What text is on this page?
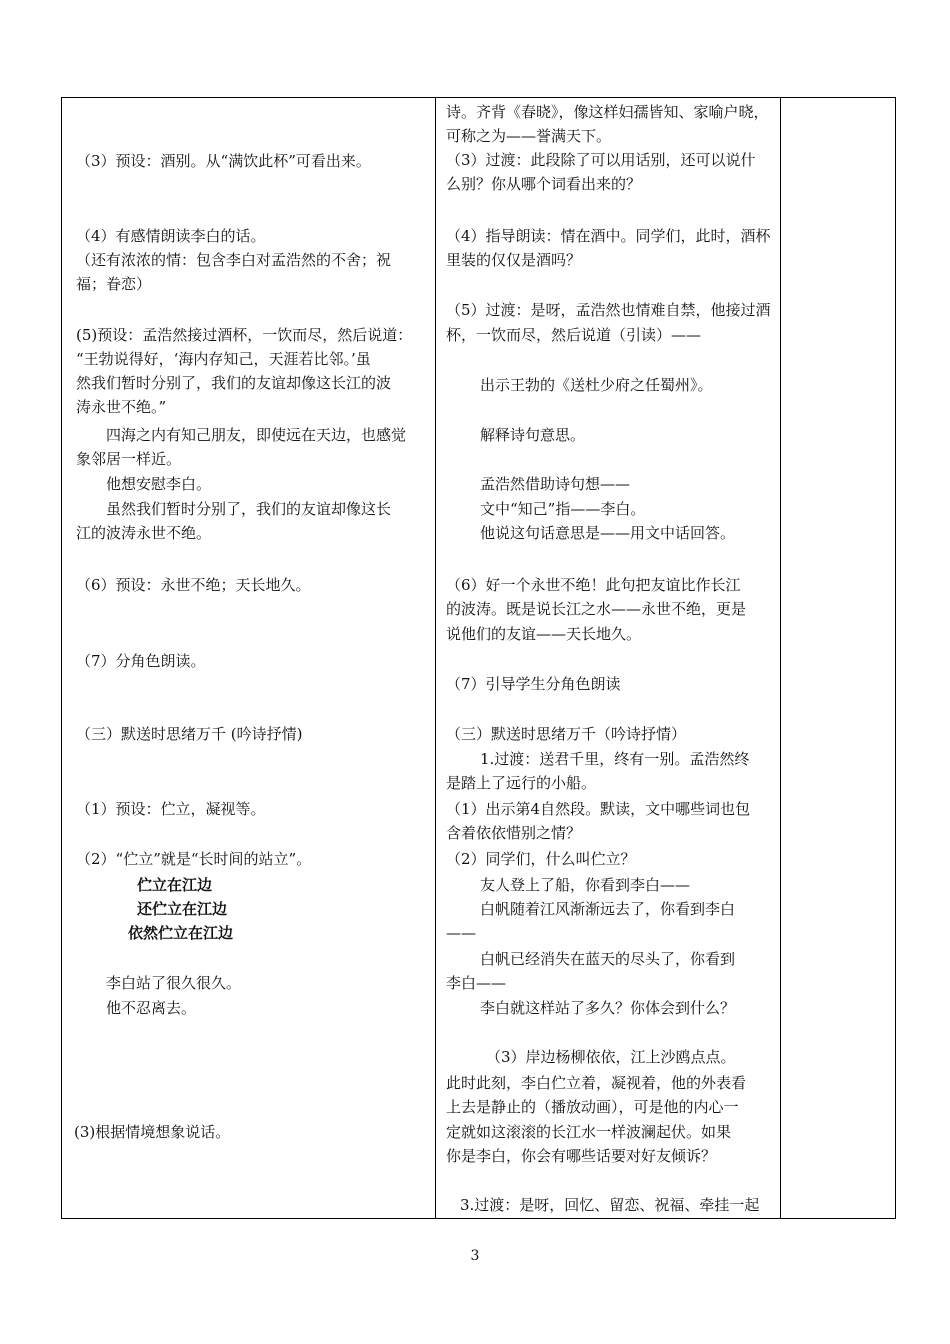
（3）预设：酒别。从“满饮此杯”可看出来。
（4）有感情朗读李白的话。
（还有浓浓的情：包含李白对孟浩然的不舍；祝
福；眷恋）
(5)预设：孟浩然接过酒杯，一饮而尽，然后说道：
“王勃说得好，‘海内存知己，天涯若比邻。’虽
然我们暂时分别了，我们的友谊却像这长江的波
涛永世不绝。”
四海之内有知己朋友，即使远在天边，也感觉
象邻居一样近。
他想安慰李白。
虽然我们暂时分别了，我们的友谊却像这长
江的波涛永世不绝。
（6）预设：永世不绝；天长地久。
（7）分角色朗读。
（三）默送时思绪万千 (吟诗抒情)
（1）预设：伫立，凝视等。
（2）“伫立”就是“长时间的站立”。
伫立在江边
还伫立在江边
依然伫立在江边
李白站了很久很久。
他不忍离去。
(3)根据情境想象说话。
诗。齐背《春晓》，像这样妇孺皆知、家喻户晓，
可称之为——誉满天下。
（3）过渡：此段除了可以用话别，还可以说什
么别？你从哪个词看出来的？
（4）指导朗读：情在酒中。同学们，此时，酒杯
里装的仅仅是酒吗？
（5）过渡：是呀，孟浩然也情难自禁，他接过酒
杯，一饮而尽，然后说道（引读）——
出示王勃的《送杜少府之任蜀州》。
解释诗句意思。
孟浩然借助诗句想——
文中“知己”指——李白。
他说这句话意思是——用文中话回答。
（6）好一个永世不绝！此句把友谊比作长江
的波涛。既是说长江之水——永世不绝，更是
说他们的友谊——天长地久。
（7）引导学生分角色朗读
（三）默送时思绪万千（吟诗抒情）
1.过渡：送君千里，终有一别。孟浩然终
是踏上了远行的小船。
（1）出示第4自然段。默读，文中哪些词也包
含着依依惜别之情？
（2）同学们，什么叫伫立？
友人登上了船，你看到李白——
白帆随着江风渐渐远去了，你看到李白
——
白帆已经消失在蓝天的尽头了，你看到
李白——
李白就这样站了多久？你体会到什么？
（3）岸边杨柳依依，江上沙鸥点点。
此时此刻，李白伫立着，凝视着，他的外表看
上去是静止的（播放动画），可是他的内心一
定就如这滚滚的长江水一样波澜起伏。如果
你是李白，你会有哪些话要对好友倾诉？
3.过渡：是呀，回忆、留恋、祝福、牵挂一起
3
